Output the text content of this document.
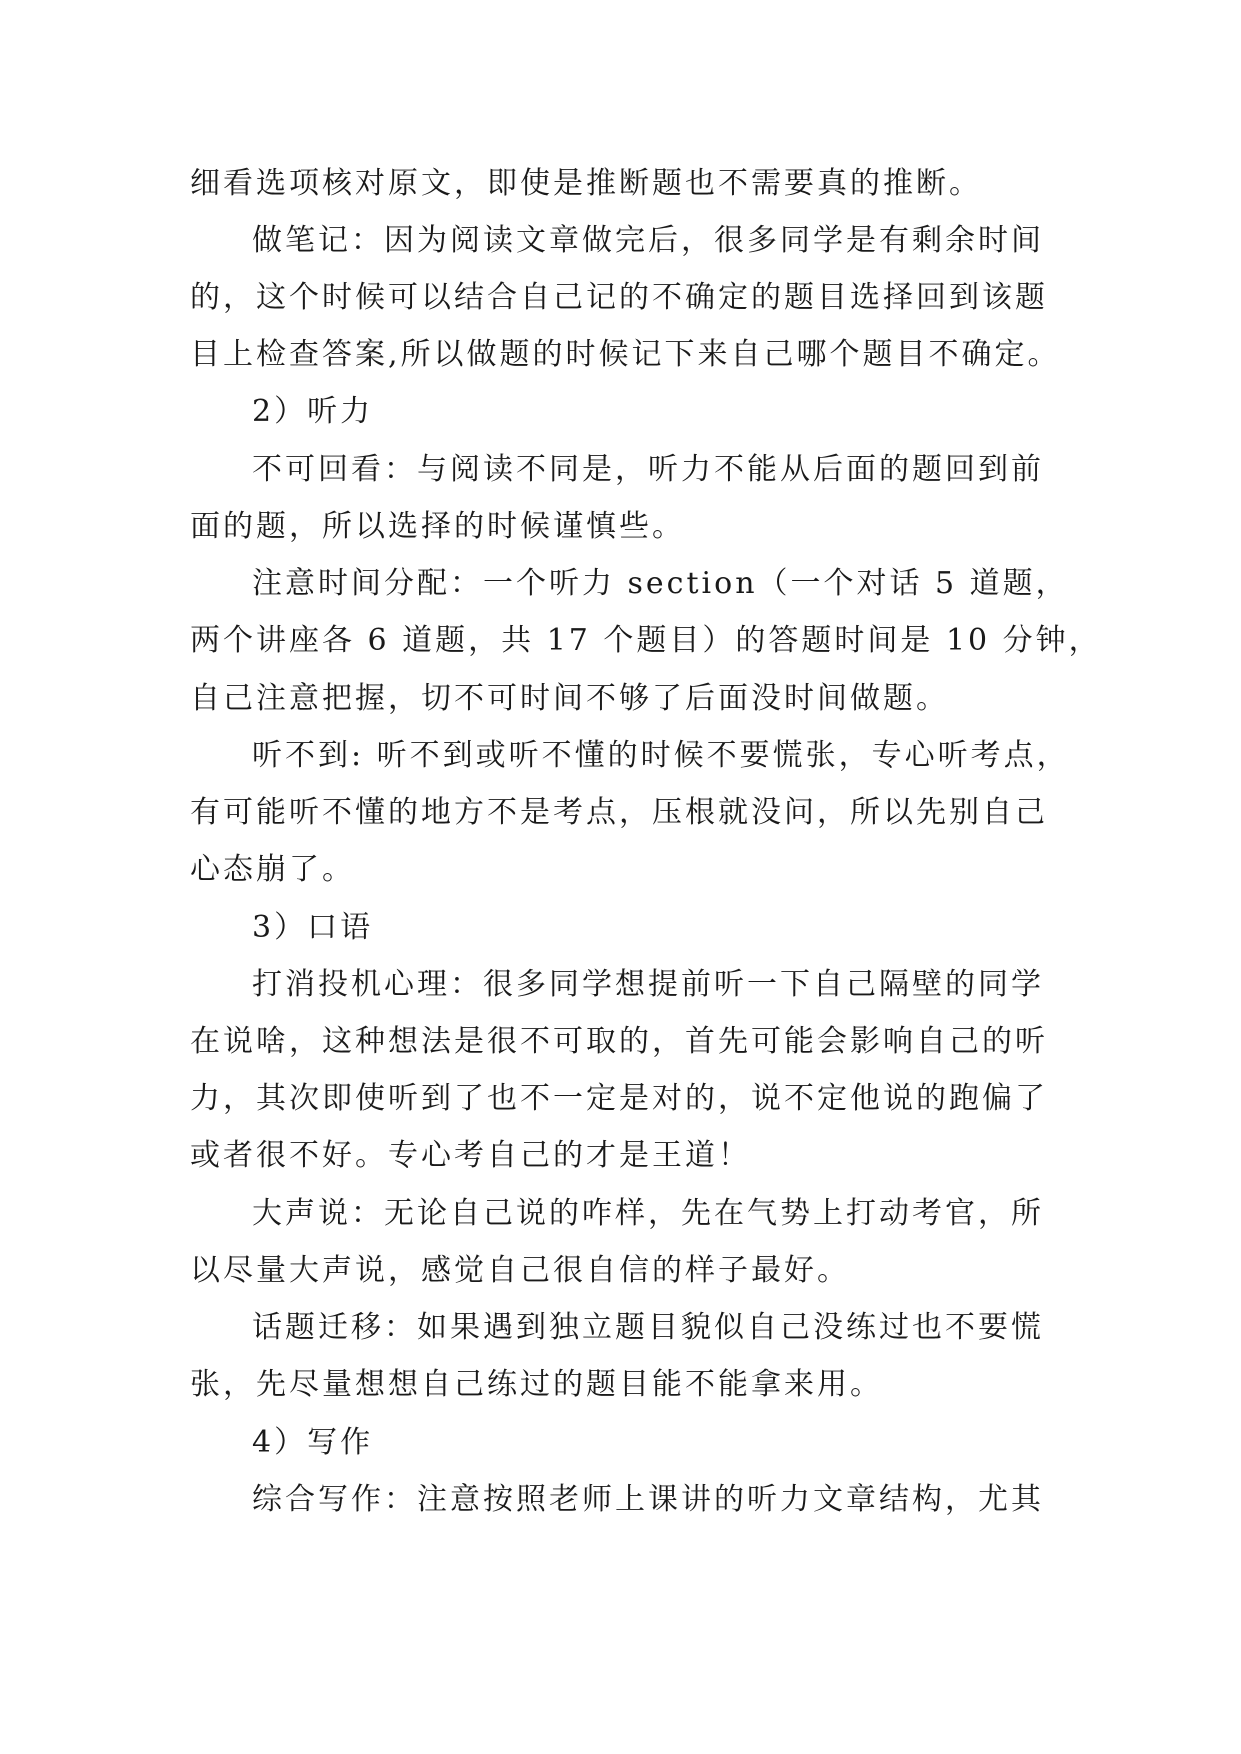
细看选项核对原文，即使是推断题也不需要真的推断。
做笔记：因为阅读文章做完后，很多同学是有剩余时间
的，这个时候可以结合自己记的不确定的题目选择回到该题
目上检查答案,所以做题的时候记下来自己哪个题目不确定。
2）听力
不可回看：与阅读不同是，听力不能从后面的题回到前
面的题，所以选择的时候谨慎些。
注意时间分配：一个听力 section（一个对话 5 道题，
两个讲座各 6 道题，共 17 个题目）的答题时间是 10 分钟，
自己注意把握，切不可时间不够了后面没时间做题。
听不到: 听不到或听不懂的时候不要慌张，专心听考点，
有可能听不懂的地方不是考点，压根就没问，所以先别自己
心态崩了。
3）口语
打消投机心理：很多同学想提前听一下自己隔壁的同学
在说啥，这种想法是很不可取的，首先可能会影响自己的听
力，其次即使听到了也不一定是对的，说不定他说的跑偏了
或者很不好。专心考自己的才是王道！
大声说：无论自己说的咋样，先在气势上打动考官，所
以尽量大声说，感觉自己很自信的样子最好。
话题迁移：如果遇到独立题目貌似自己没练过也不要慌
张，先尽量想想自己练过的题目能不能拿来用。
4）写作
综合写作：注意按照老师上课讲的听力文章结构，尤其
